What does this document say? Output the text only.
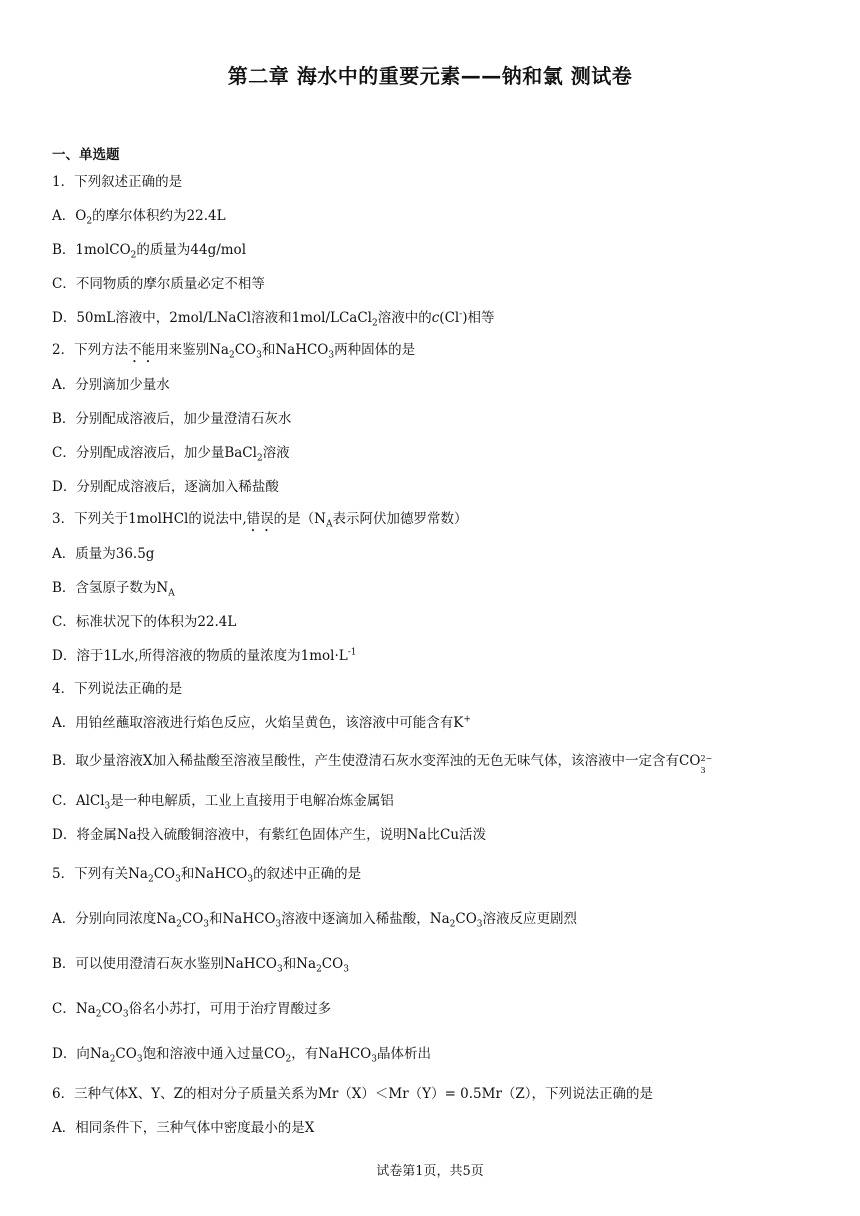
第二章 海水中的重要元素——钠和氯 测试卷
一、单选题
1．下列叙述正确的是
A．$O_2$的摩尔体积约为22.4L
B．1molCO$_2$的质量为44g/mol
C．不同物质的摩尔质量必定不相等
D．50mL溶液中，2mol/LNaCl溶液和1mol/LCaCl$_2$溶液中的c(Cl-)相等
2．下列方法不能用来鉴别$Na_2CO_3$和NaHCO$_3$两种固体的是
A．分别滴加少量水
B．分别配成溶液后，加少量澄清石灰水
C．分别配成溶液后，加少量BaCl$_2$溶液
D．分别配成溶液后，逐滴加入稀盐酸
3．下列关于1molHCl的说法中,错误的是（$N_A$表示阿伏加德罗常数）
A．质量为36.5g
B．含氢原子数为$N_A$
C．标准状况下的体积为22.4L
D．溶于1L水,所得溶液的物质的量浓度为$1mol\cdot L^{-1}$
4．下列说法正确的是
A．用铂丝蘸取溶液进行焰色反应，火焰呈黄色，该溶液中可能含有K+
B．取少量溶液X加入稀盐酸至溶液呈酸性，产生使澄清石灰水变浑浊的无色无味气体，该溶液中一定含有CO 2−
3
C．AlCl$_3$是一种电解质，工业上直接用于电解冶炼金属铝
D．将金属Na投入硫酸铜溶液中，有紫红色固体产生，说明Na比Cu活泼
5．下列有关$Na_2CO_3$和NaHCO$_3$的叙述中正确的是
A．分别向同浓度$Na_2CO_3$和NaHCO$_3$溶液中逐滴加入稀盐酸，$Na_2CO_3$溶液反应更剧烈
B．可以使用澄清石灰水鉴别NaHCO$_3$和$Na_2CO_3$
C．$Na_2CO_3$俗名小苏打，可用于治疗胃酸过多
D．向$Na_2CO_3$饱和溶液中通入过量$CO_2$，有NaHCO$_3$晶体析出
6．三种气体X、Y、Z的相对分子质量关系为Mr（X）＜Mr（Y）= 0.5Mr（Z），下列说法正确的是
A．相同条件下，三种气体中密度最小的是X
试卷第1页，共5页
